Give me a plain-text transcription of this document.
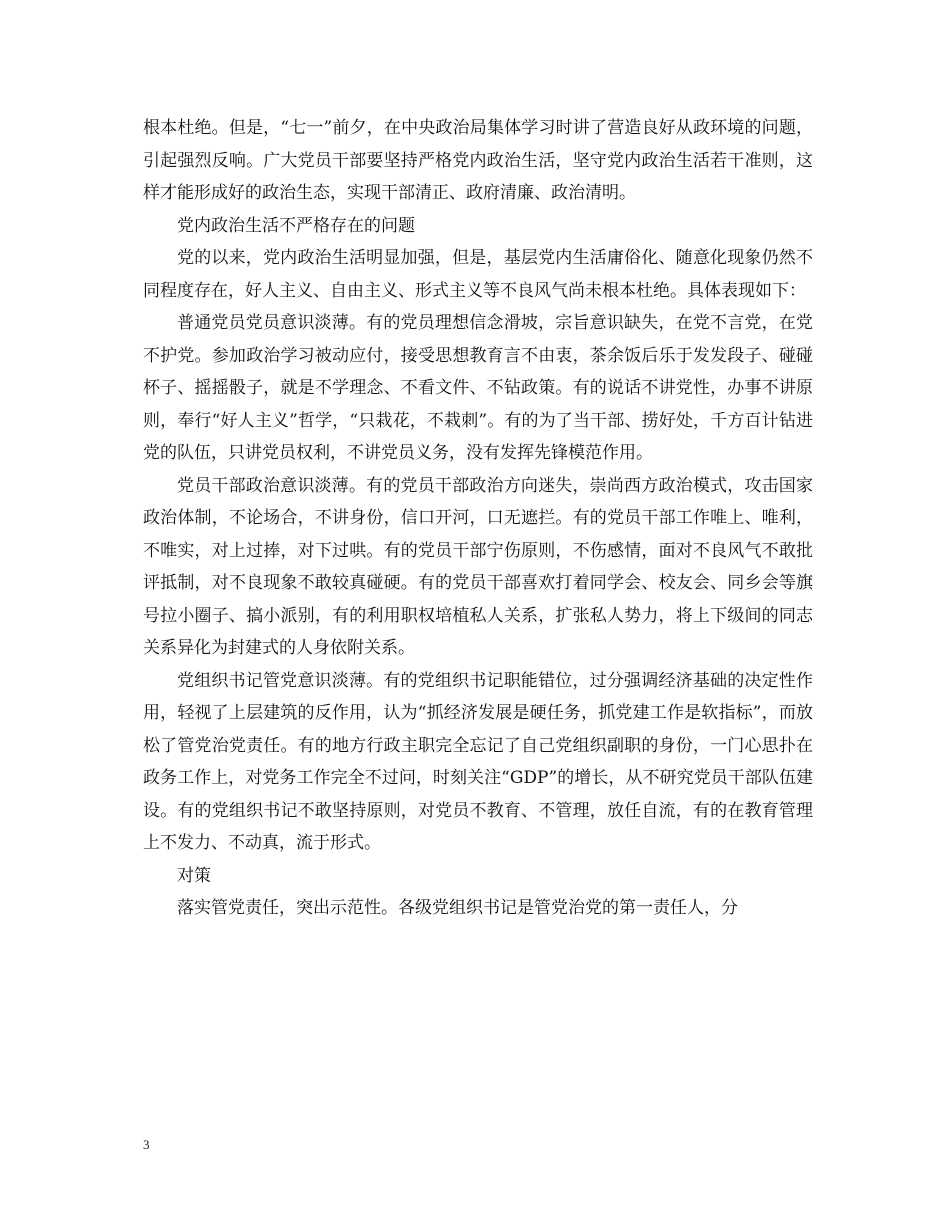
根本杜绝。但是，“七一”前夕，在中央政治局集体学习时讲了营造良好从政环境的问题，引起强烈反响。广大党员干部要坚持严格党内政治生活，坚守党内政治生活若干准则，这样才能形成好的政治生态，实现干部清正、政府清廉、政治清明。

党内政治生活不严格存在的问题

党的以来，党内政治生活明显加强，但是，基层党内生活庸俗化、随意化现象仍然不同程度存在，好人主义、自由主义、形式主义等不良风气尚未根本杜绝。具体表现如下：

普通党员党员意识淡薄。有的党员理想信念滑坡，宗旨意识缺失，在党不言党，在党不护党。参加政治学习被动应付，接受思想教育言不由衷，茶余饭后乐于发发段子、碰碰杯子、摇摇骰子，就是不学理念、不看文件、不钻政策。有的说话不讲党性，办事不讲原则，奉行“好人主义”哲学，“只栽花，不栽刺”。有的为了当干部、捞好处，千方百计钻进党的队伍，只讲党员权利，不讲党员义务，没有发挥先锋模范作用。

党员干部政治意识淡薄。有的党员干部政治方向迷失，崇尚西方政治模式，攻击国家政治体制，不论场合，不讲身份，信口开河，口无遮拦。有的党员干部工作唯上、唯利，不唯实，对上过捧，对下过哄。有的党员干部宁伤原则，不伤感情，面对不良风气不敢批评抵制，对不良现象不敢较真碰硬。有的党员干部喜欢打着同学会、校友会、同乡会等旗号拉小圈子、搞小派别，有的利用职权培植私人关系，扩张私人势力，将上下级间的同志关系异化为封建式的人身依附关系。

党组织书记管党意识淡薄。有的党组织书记职能错位，过分强调经济基础的决定性作用，轻视了上层建筑的反作用，认为“抓经济发展是硬任务，抓党建工作是软指标”，而放松了管党治党责任。有的地方行政主职完全忘记了自己党组织副职的身份，一门心思扑在政务工作上，对党务工作完全不过问，时刻关注“GDP”的增长，从不研究党员干部队伍建设。有的党组织书记不敢坚持原则，对党员不教育、不管理，放任自流，有的在教育管理上不发力、不动真，流于形式。

对策

落实管党责任，突出示范性。各级党组织书记是管党治党的第一责任人，分

3
